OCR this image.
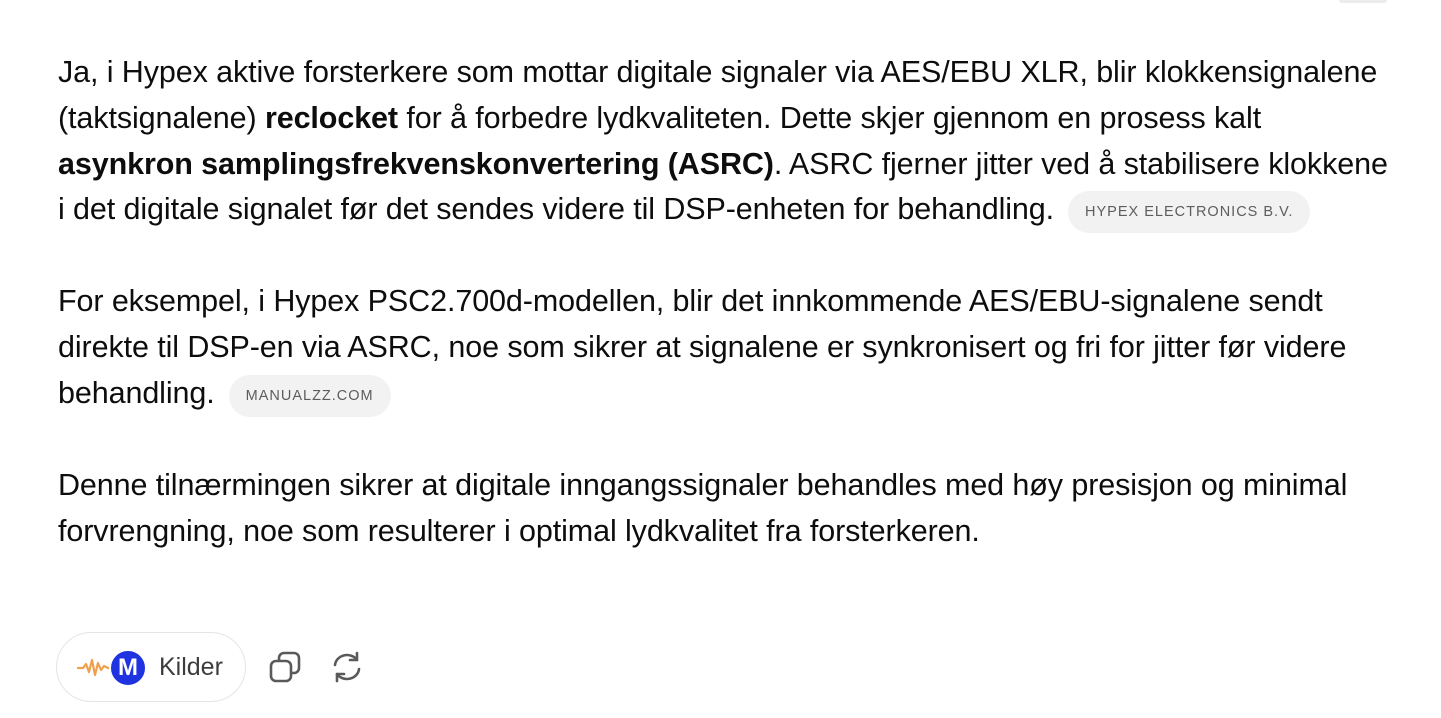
Ja, i Hypex aktive forsterkere som mottar digitale signaler via AES/EBU XLR, blir klokkensignalene (taktsignalene) reclocket for å forbedre lydkvaliteten. Dette skjer gjennom en prosess kalt asynkron samplingsfrekvenskonvertering (ASRC). ASRC fjerner jitter ved å stabilisere klokkene i det digitale signalet før det sendes videre til DSP-enheten for behandling. HYPEX ELECTRONICS B.V.

For eksempel, i Hypex PSC2.700d-modellen, blir det innkommende AES/EBU-signalene sendt direkte til DSP-en via ASRC, noe som sikrer at signalene er synkronisert og fri for jitter før videre behandling. MANUALZZ.COM

Denne tilnærmingen sikrer at digitale inngangssignaler behandles med høy presisjon og minimal forvrengning, noe som resulterer i optimal lydkvalitet fra forsterkeren.

M Kilder
